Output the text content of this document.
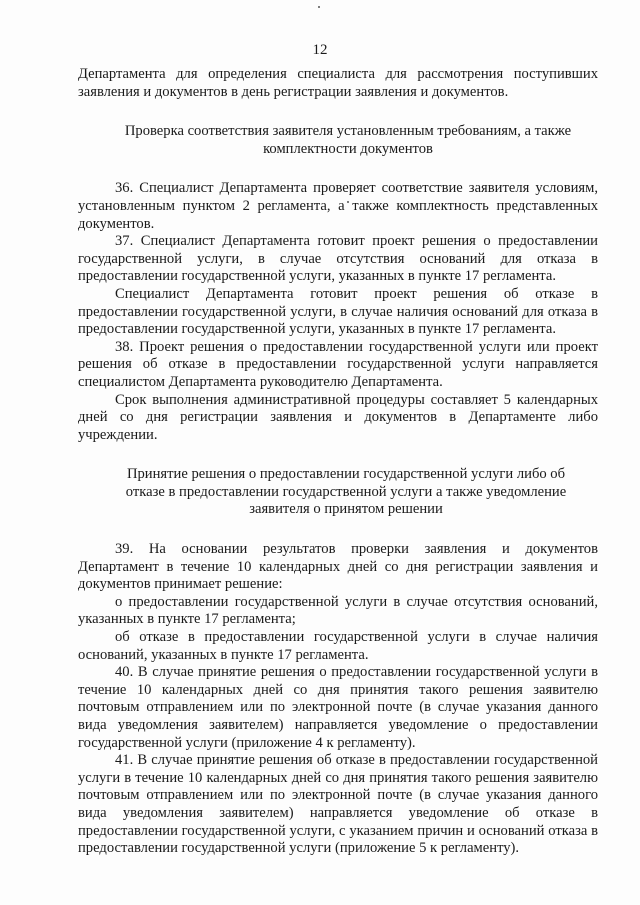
12

Департамента для определения специалиста для рассмотрения поступивших заявления и документов в день регистрации заявления и документов.

Проверка соответствия заявителя установленным требованиям, а также комплектности документов

36. Специалист Департамента проверяет соответствие заявителя условиям, установленным пунктом 2 регламента, а также комплектность представленных документов.

37. Специалист Департамента готовит проект решения о предоставлении государственной услуги, в случае отсутствия оснований для отказа в предоставлении государственной услуги, указанных в пункте 17 регламента.

Специалист Департамента готовит проект решения об отказе в предоставлении государственной услуги, в случае наличия оснований для отказа в предоставлении государственной услуги, указанных в пункте 17 регламента.

38. Проект решения о предоставлении государственной услуги или проект решения об отказе в предоставлении государственной услуги направляется специалистом Департамента руководителю Департамента.

Срок выполнения административной процедуры составляет 5 календарных дней со дня регистрации заявления и документов в Департаменте либо учреждении.

Принятие решения о предоставлении государственной услуги либо об отказе в предоставлении государственной услуги а также уведомление заявителя о принятом решении

39. На основании результатов проверки заявления и документов Департамент в течение 10 календарных дней со дня регистрации заявления и документов принимает решение:

о предоставлении государственной услуги в случае отсутствия оснований, указанных в пункте 17 регламента;

об отказе в предоставлении государственной услуги в случае наличия оснований, указанных в пункте 17 регламента.

40. В случае принятие решения о предоставлении государственной услуги в течение 10 календарных дней со дня принятия такого решения заявителю почтовым отправлением или по электронной почте (в случае указания данного вида уведомления заявителем) направляется уведомление о предоставлении государственной услуги (приложение 4 к регламенту).

41. В случае принятие решения об отказе в предоставлении государственной услуги в течение 10 календарных дней со дня принятия такого решения заявителю почтовым отправлением или по электронной почте (в случае указания данного вида уведомления заявителем) направляется уведомление об отказе в предоставлении государственной услуги, с указанием причин и оснований отказа в предоставлении государственной услуги (приложение 5 к регламенту).
